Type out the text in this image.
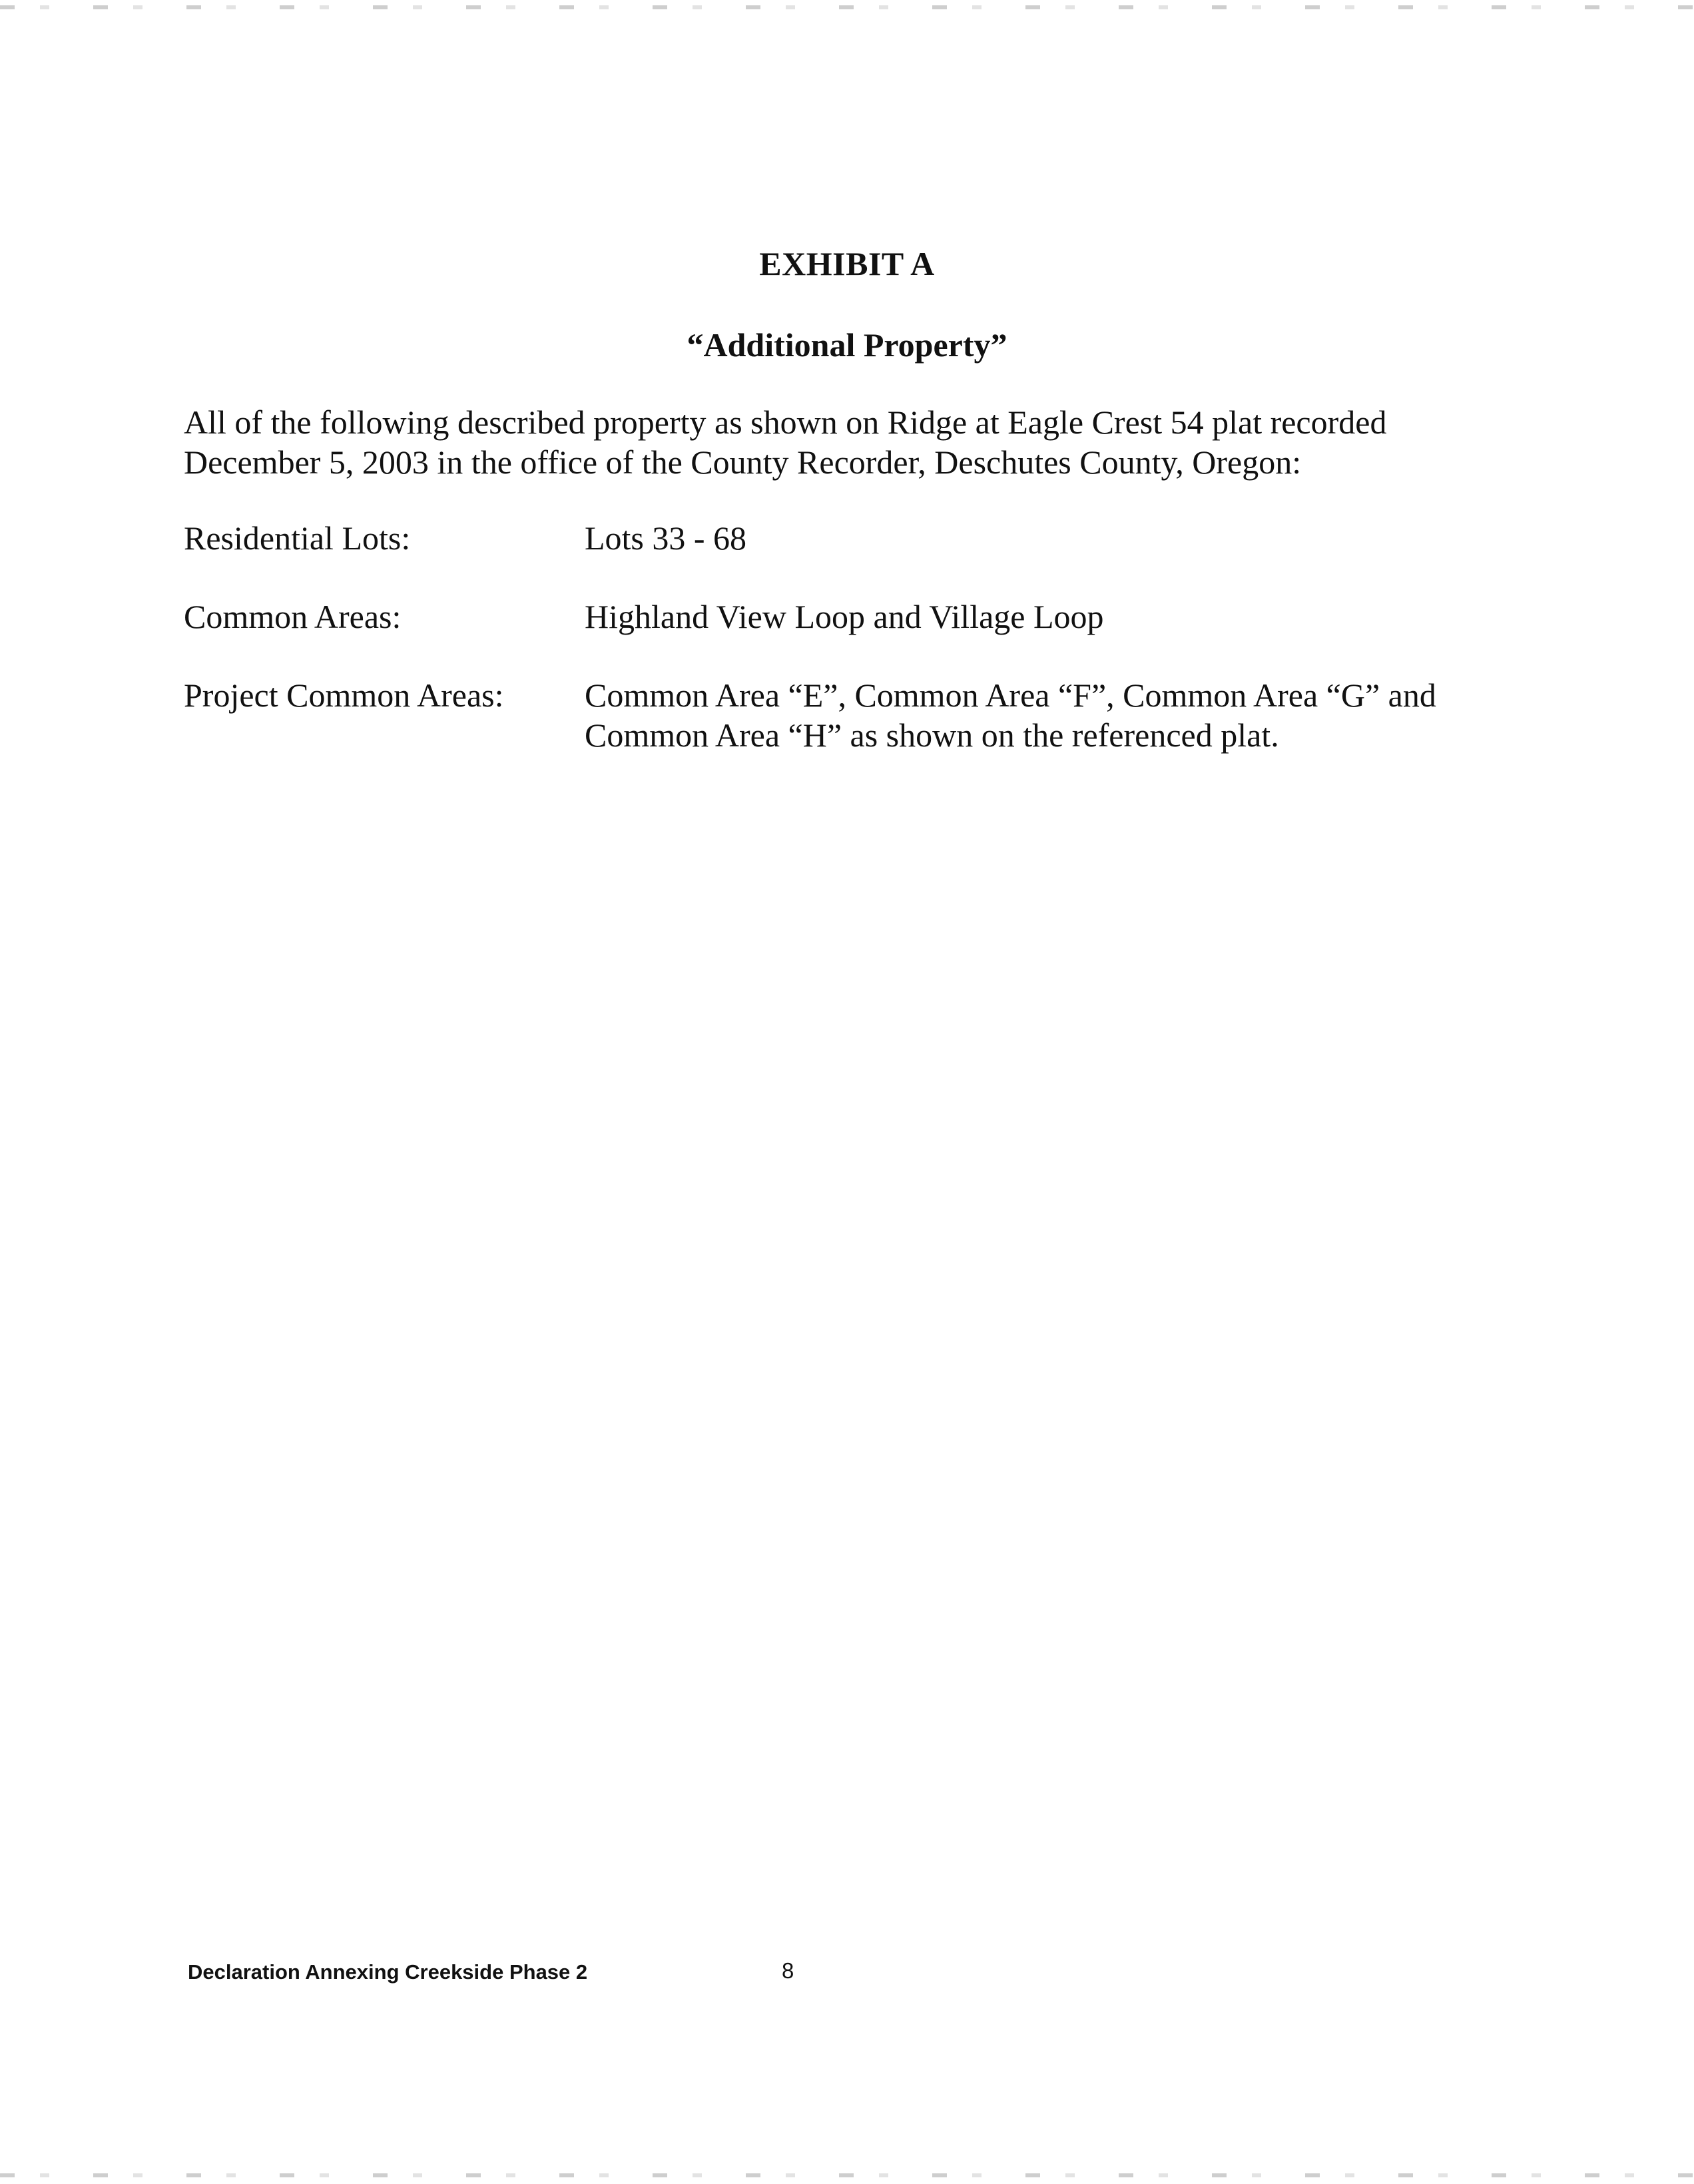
EXHIBIT A
“Additional Property”
All of the following described property as shown on Ridge at Eagle Crest 54 plat recorded December 5, 2003 in the office of the County Recorder, Deschutes County, Oregon:
Residential Lots:	Lots 33 - 68
Common Areas:	Highland View Loop and Village Loop
Project Common Areas:	Common Area “E”, Common Area “F”, Common Area “G” and Common Area “H” as shown on the referenced plat.
Declaration Annexing Creekside Phase 2	8
